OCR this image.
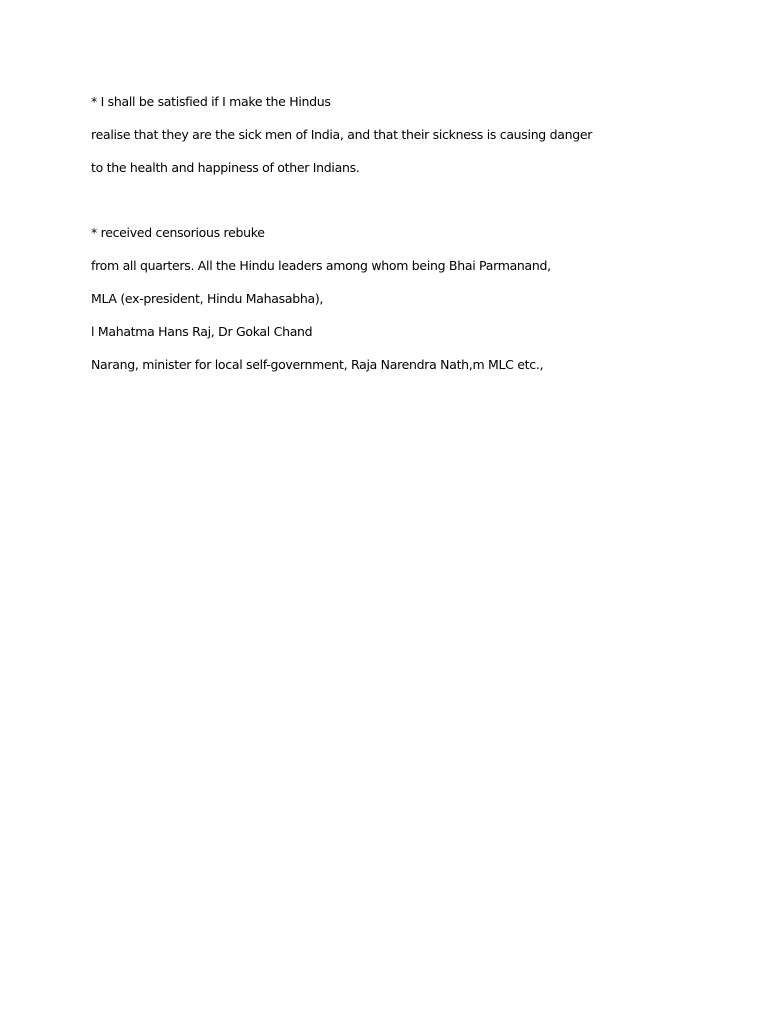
* I shall be satisfied if I make the Hindus
realise that they are the sick men of India, and that their sickness is causing danger
to the health and happiness of other Indians.
* received censorious rebuke
from all quarters. All the Hindu leaders among whom being Bhai Parmanand,
MLA (ex-president, Hindu Mahasabha),
l Mahatma Hans Raj, Dr Gokal Chand
Narang, minister for local self-government, Raja Narendra Nath,m MLC etc.,
